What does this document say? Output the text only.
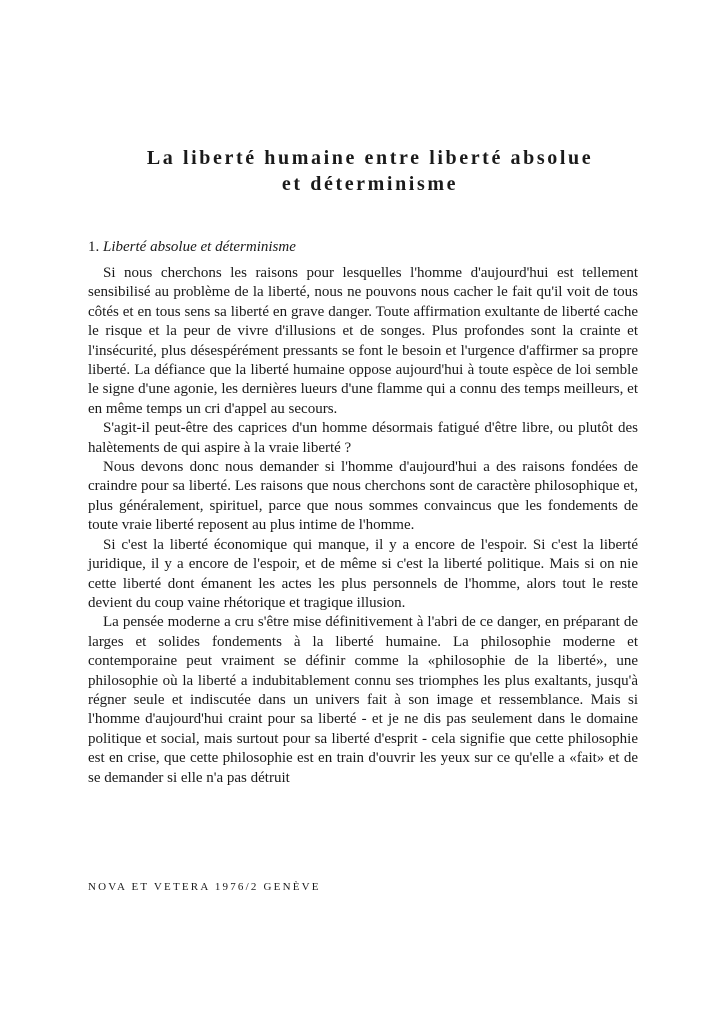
La liberté humaine entre liberté absolue
et déterminisme
1. Liberté absolue et déterminisme

Si nous cherchons les raisons pour lesquelles l'homme d'aujourd'hui est tellement sensibilisé au problème de la liberté, nous ne pouvons nous cacher le fait qu'il voit de tous côtés et en tous sens sa liberté en grave danger. Toute affirmation exultante de liberté cache le risque et la peur de vivre d'illusions et de songes. Plus profondes sont la crainte et l'insécurité, plus désespérément pressants se font le besoin et l'urgence d'affirmer sa propre liberté. La défiance que la liberté humaine oppose aujourd'hui à toute espèce de loi semble le signe d'une agonie, les dernières lueurs d'une flamme qui a connu des temps meilleurs, et en même temps un cri d'appel au secours.

S'agit-il peut-être des caprices d'un homme désormais fatigué d'être libre, ou plutôt des halètements de qui aspire à la vraie liberté ?

Nous devons donc nous demander si l'homme d'aujourd'hui a des raisons fondées de craindre pour sa liberté. Les raisons que nous cherchons sont de caractère philosophique et, plus généralement, spirituel, parce que nous sommes convaincus que les fondements de toute vraie liberté reposent au plus intime de l'homme.

Si c'est la liberté économique qui manque, il y a encore de l'espoir. Si c'est la liberté juridique, il y a encore de l'espoir, et de même si c'est la liberté politique. Mais si on nie cette liberté dont émanent les actes les plus personnels de l'homme, alors tout le reste devient du coup vaine rhétorique et tragique illusion.

La pensée moderne a cru s'être mise définitivement à l'abri de ce danger, en préparant de larges et solides fondements à la liberté humaine. La philosophie moderne et contemporaine peut vraiment se définir comme la «philosophie de la liberté», une philosophie où la liberté a indubitablement connu ses triomphes les plus exaltants, jusqu'à régner seule et indiscutée dans un univers fait à son image et ressemblance. Mais si l'homme d'aujourd'hui craint pour sa liberté - et je ne dis pas seulement dans le domaine politique et social, mais surtout pour sa liberté d'esprit - cela signifie que cette philosophie est en crise, que cette philosophie est en train d'ouvrir les yeux sur ce qu'elle a «fait» et de se demander si elle n'a pas détruit

NOVA ET VETERA 1976/2 GENÈVE
